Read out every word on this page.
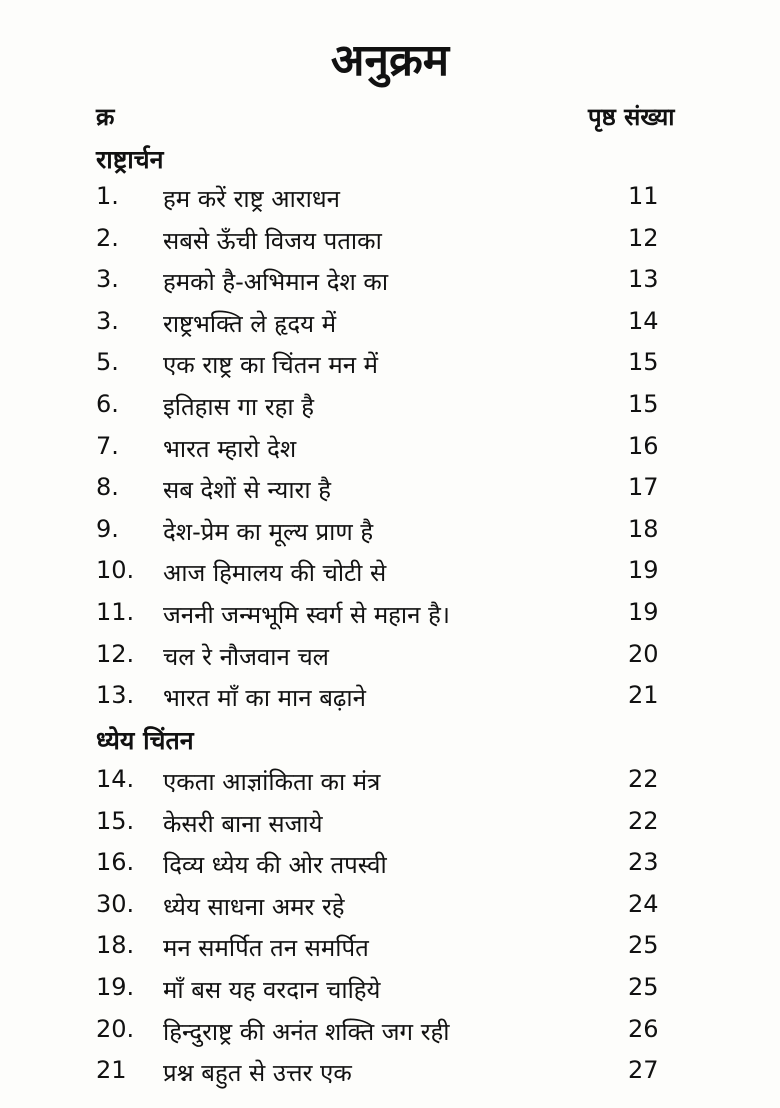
अनुक्रम
क्र	पृष्ठ संख्या
राष्ट्रार्चन
ध्येय चिंतन
1. हम करें राष्ट्र आराधन	11
2. सबसे ऊँची विजय पताका	12
3. हमको है-अभिमान देश का	13
3. राष्ट्रभक्ति ले हृदय में	14
5. एक राष्ट्र का चिंतन मन में	15
6. इतिहास गा रहा है	15
7. भारत म्हारो देश	16
8. सब देशों से न्यारा है	17
9. देश-प्रेम का मूल्य प्राण है	18
10. आज हिमालय की चोटी से	19
11. जननी जन्मभूमि स्वर्ग से महान है।	19
12. चल रे नौजवान चल	20
13. भारत माँ का मान बढ़ाने	21
14. एकता आज्ञांकिता का मंत्र	22
15. केसरी बाना सजाये	22
16. दिव्य ध्येय की ओर तपस्वी	23
30. ध्येय साधना अमर रहे	24
18. मन समर्पित तन समर्पित	25
19. माँ बस यह वरदान चाहिये	25
20. हिन्दुराष्ट्र की अनंत शक्ति जग रही	26
21 प्रश्न बहुत से उत्तर एक	27
